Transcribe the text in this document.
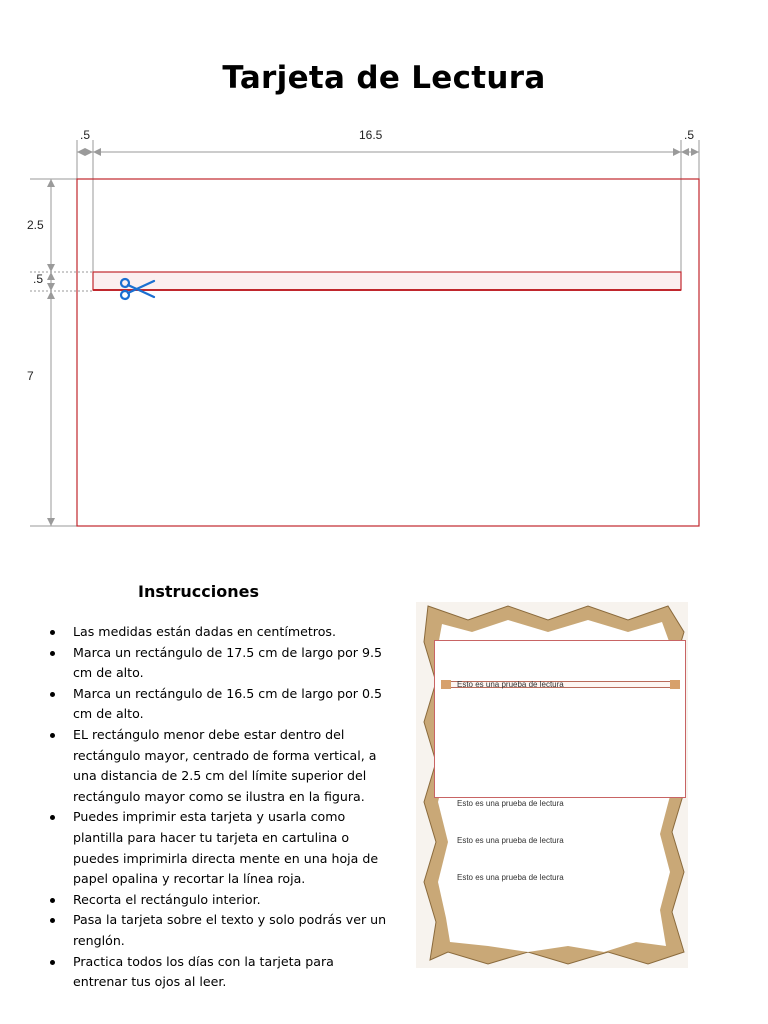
Tarjeta de Lectura
.5	16.5	.5
2.5
.5
7
Instrucciones
Las medidas están dadas en centímetros.
Marca un rectángulo de 17.5 cm de largo por 9.5 cm de alto.
Marca un rectángulo de 16.5 cm de largo por 0.5 cm de alto.
EL rectángulo menor debe estar dentro del rectángulo mayor, centrado de forma vertical, a una distancia de 2.5 cm del límite superior del rectángulo mayor como se ilustra en la figura.
Puedes imprimir esta tarjeta y usarla como plantilla para hacer tu tarjeta en cartulina o puedes imprimirla directa mente en una hoja de papel opalina y recortar la línea roja.
Recorta el rectángulo interior.
Pasa la tarjeta sobre el texto y solo podrás ver un renglón.
Practica todos los días con la tarjeta para entrenar tus ojos al leer.
Esto es una prueba de lectura
Esto es una prueba de lectura
Esto es una prueba de lectura
Esto es una prueba de lectura
